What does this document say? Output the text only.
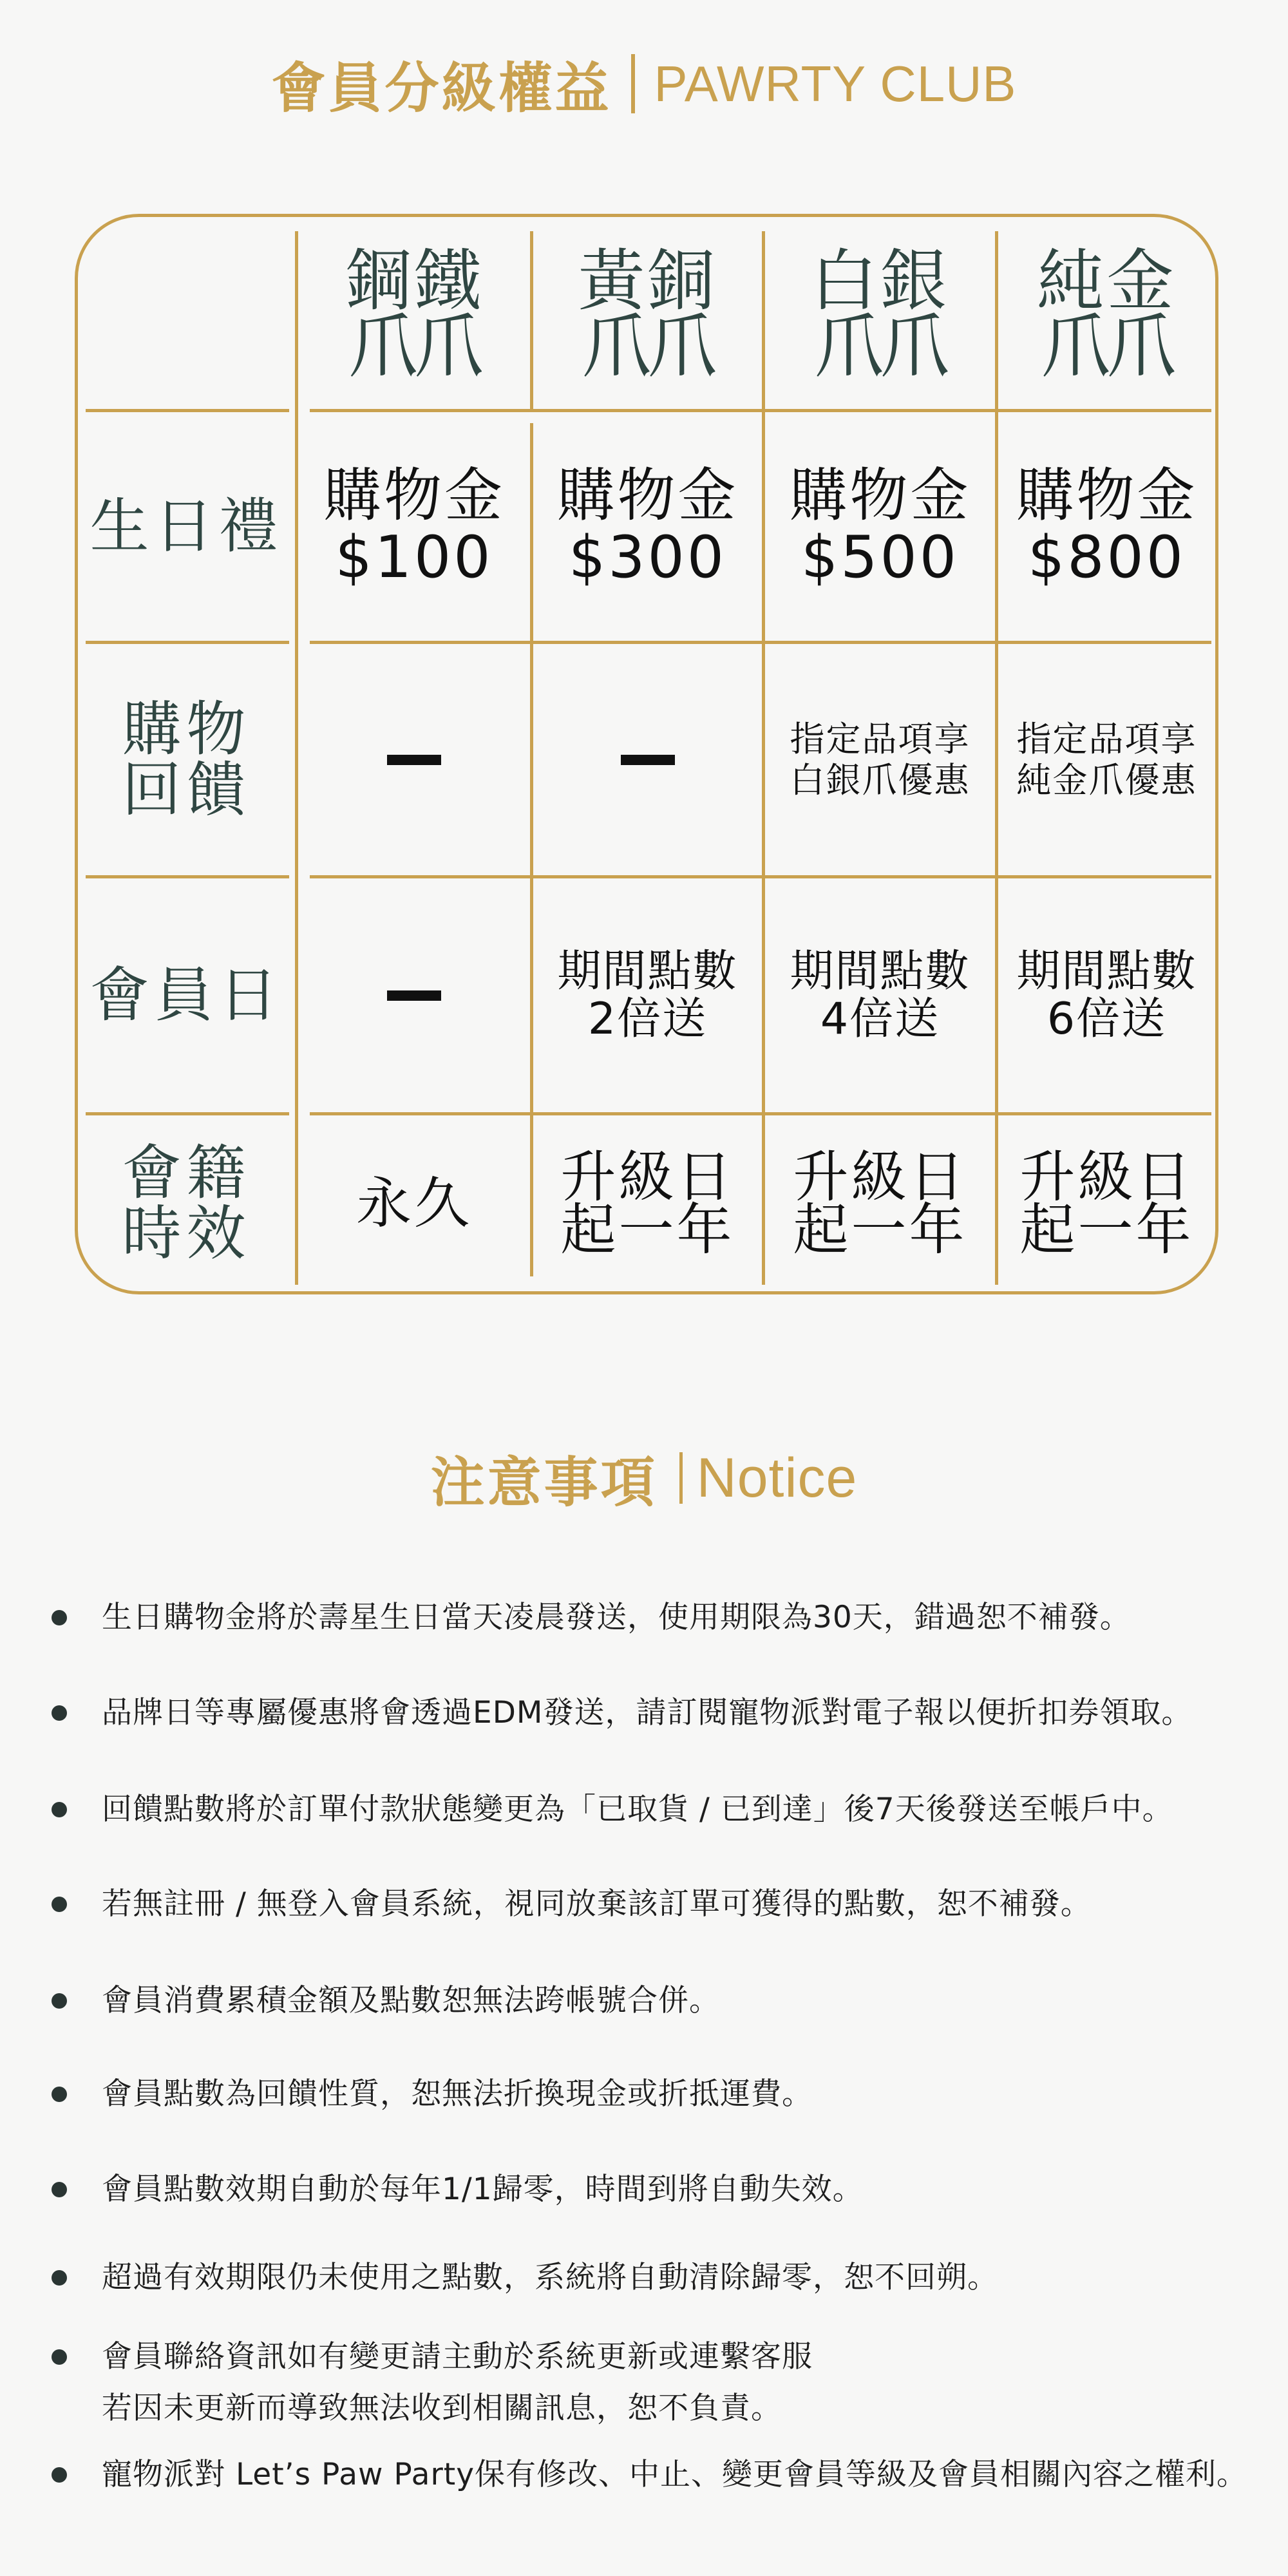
會員分級權益 PAWRTY CLUB
鋼鐵
爪爪
黃銅
爪爪
白銀
爪爪
純金
爪爪
生日禮 購物金
$100
購物金
$300
購物金
$500
購物金
$800
購物
回饋
指定品項享
白銀爪優惠
指定品項享
純金爪優惠
會員日	期間點數
2倍送
期間點數
4倍送
期間點數
6倍送
會籍
時效 永久 升級日
起一年
升級日
起一年
升級日
起一年
注意事項 Notice
生日購物金將於壽星生日當天凌晨發送，使用期限為30天，錯過恕不補發。
品牌日等專屬優惠將會透過EDM發送，請訂閱寵物派對電子報以便折扣券領取。
回饋點數將於訂單付款狀態變更為「已取貨 / 已到達」後7天後發送至帳戶中。
若無註冊 / 無登入會員系統，視同放棄該訂單可獲得的點數，恕不補發。
會員消費累積金額及點數恕無法跨帳號合併。
會員點數為回饋性質，恕無法折換現金或折抵運費。
會員點數效期自動於每年1/1歸零，時間到將自動失效。
超過有效期限仍未使用之點數，系統將自動清除歸零，恕不回朔。
會員聯絡資訊如有變更請主動於系統更新或連繫客服
若因未更新而導致無法收到相關訊息，恕不負責。
寵物派對 Let’s Paw Party保有修改、中止、變更會員等級及會員相關內容之權利。
